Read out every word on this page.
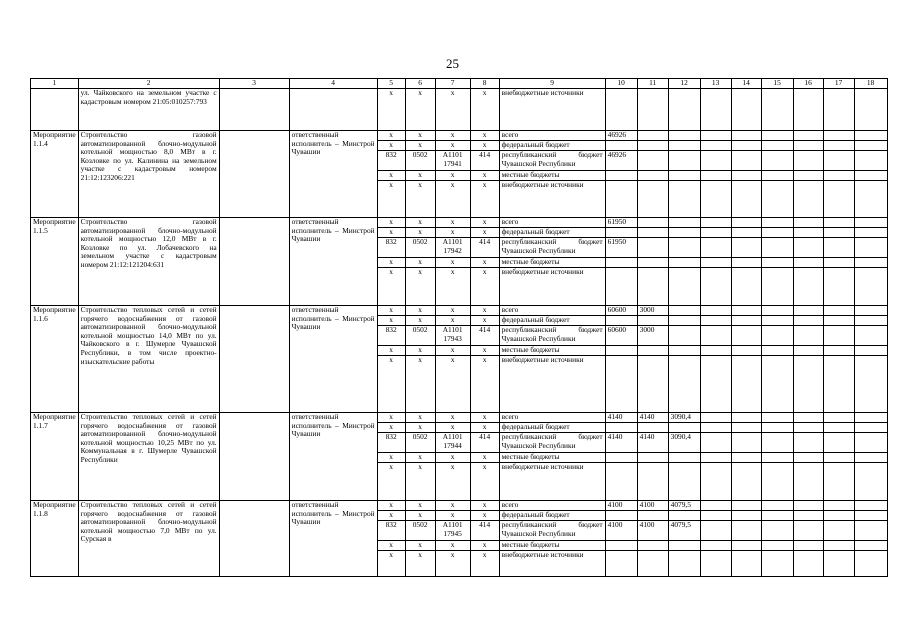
25
1	2	3	4	5	6	7	8	9	10	11	12	13	14	15	16	17	18
	ул. Чайковского на земельном участке с кадастровым номером 21:05:010257:793			x	x	x	x	внебюджетные источники									
Мероприятие 1.1.4	Строительство газовой автоматизированной блочно-модульной котельной мощностью 8,0 МВт в г. Козловке по ул. Калинина на земельном участке с кадастровым номером 21:12:123206:221		ответственный исполнитель – Минстрой Чувашии	x	x	x	x	всего	46926								
				x	x	x	x	федеральный бюджет									
				832	0502	А1101 17941	414	республиканский бюджет Чувашской Республики	46926								
				x	x	x	x	местные бюджеты									
				x	x	x	x	внебюджетные источники									
Мероприятие 1.1.5	Строительство газовой автоматизированной блочно-модульной котельной мощностью 12,0 МВт в г. Козловке по ул. Лобачевского на земельном участке с кадастровым номером 21:12:121204:631		ответственный исполнитель – Минстрой Чувашии	x	x	x	x	всего	61950								
				x	x	x	x	федеральный бюджет									
				832	0502	А1101 17942	414	республиканский бюджет Чувашской Республики	61950								
				x	x	x	x	местные бюджеты									
				x	x	x	x	внебюджетные источники									
Мероприятие 1.1.6	Строительство тепловых сетей и сетей горячего водоснабжения от газовой автоматизированной блочно-модульной котельной мощностью 14,0 МВт по ул. Чайковского в г. Шумерле Чувашской Республики, в том числе проектно-изыскательские работы		ответственный исполнитель – Минстрой Чувашии	x	x	x	x	всего	60600	3000							
				x	x	x	x	федеральный бюджет									
				832	0502	А1101 17943	414	республиканский бюджет Чувашской Республики	60600	3000							
				x	x	x	x	местные бюджеты									
				x	x	x	x	внебюджетные источники									
Мероприятие 1.1.7	Строительство тепловых сетей и сетей горячего водоснабжения от газовой автоматизированной блочно-модульной котельной мощностью 10,25 МВт по ул. Коммунальная в г. Шумерле Чувашской Республики		ответственный исполнитель – Минстрой Чувашии	x	x	x	x	всего	4140	4140	3090,4						
				x	x	x	x	федеральный бюджет									
				832	0502	А1101 17944	414	республиканский бюджет Чувашской Республики	4140	4140	3090,4						
				x	x	x	x	местные бюджеты									
				x	x	x	x	внебюджетные источники									
Мероприятие 1.1.8	Строительство тепловых сетей и сетей горячего водоснабжения от газовой автоматизированной блочно-модульной котельной мощностью 7,0 МВт по ул. Сурская в		ответственный исполнитель – Минстрой Чувашии	x	x	x	x	всего	4100	4100	4079,5						
				x	x	x	x	федеральный бюджет									
				832	0502	А1101 17945	414	республиканский бюджет Чувашской Республики	4100	4100	4079,5						
				x	x	x	x	местные бюджеты									
				x	x	x	x	внебюджетные источники									
